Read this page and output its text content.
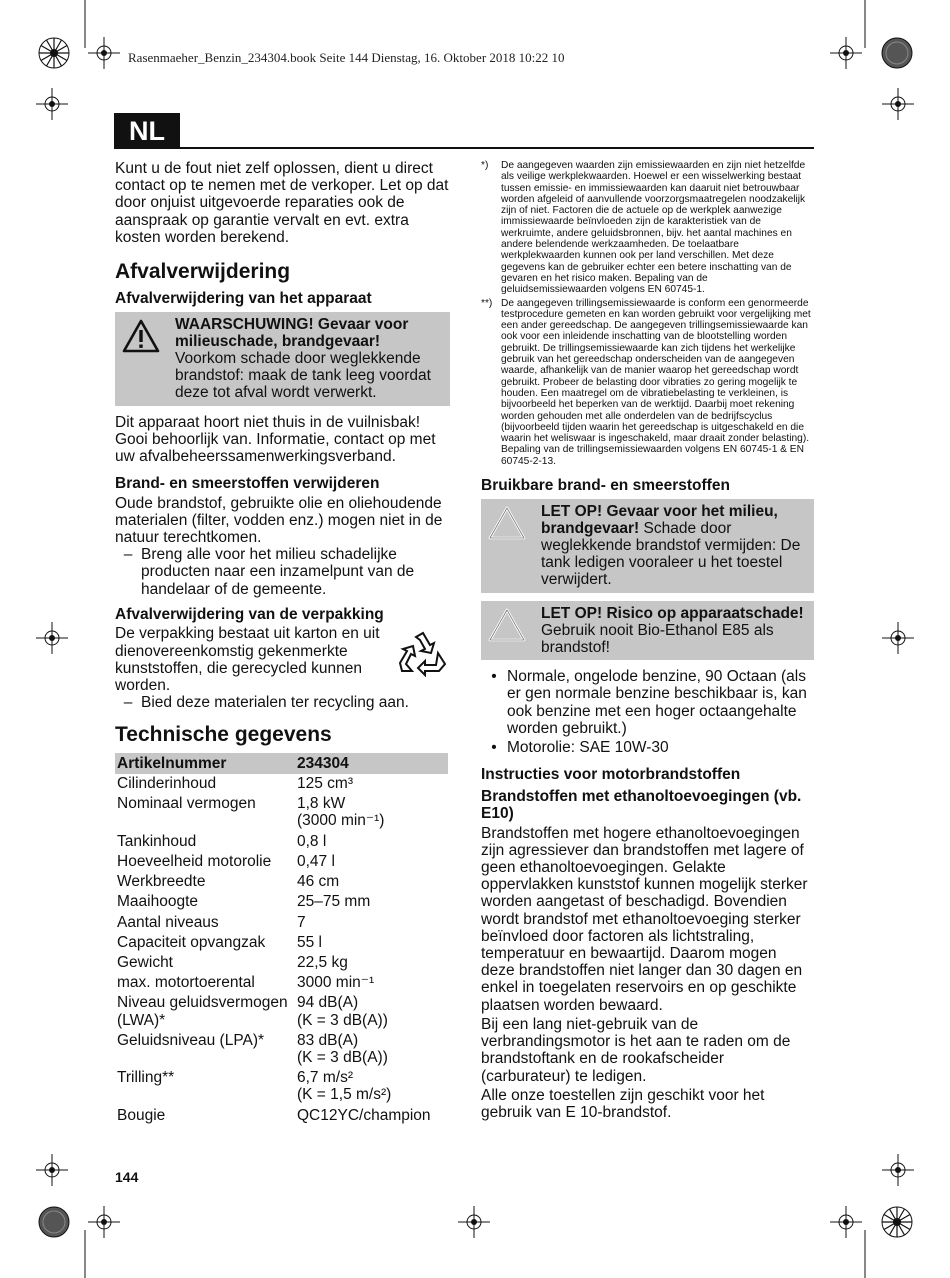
Rasenmaeher_Benzin_234304.book Seite 144 Dienstag, 16. Oktober 2018 10:22 10
NL

Kunt u de fout niet zelf oplossen, dient u direct contact op te nemen met de verkoper. Let op dat door onjuist uitgevoerde reparaties ook de aanspraak op garantie vervalt en evt. extra kosten worden berekend.

Afvalverwijdering
Afvalverwijdering van het apparaat
WAARSCHUWING! Gevaar voor milieuschade, brandgevaar! Voorkom schade door weglekkende brandstof: maak de tank leeg voordat deze tot afval wordt verwerkt.

Dit apparaat hoort niet thuis in de vuilnisbak! Gooi behoorlijk van. Informatie, contact op met uw afvalbeheerssamenwerkingsverband.

Brand- en smeerstoffen verwijderen

Oude brandstof, gebruikte olie en oliehoudende materialen (filter, vodden enz.) mogen niet in de natuur terechtkomen.

– Breng alle voor het milieu schadelijke producten naar een inzamelpunt van de handelaar of de gemeente.
Afvalverwijdering van de verpakking

De verpakking bestaat uit karton en uit dienovereenkomstig gekenmerkte kunststoffen, die gerecycled kunnen worden.

– Bied deze materialen ter recycling aan.
Technische gegevens
Artikelnummer	234304
Cilinderinhoud	125 cm³
Nominaal vermogen	1,8 kW
(3000 min⁻¹)

Tankinhoud	0,8 l
Hoeveelheid motorolie	0,47 l
Werkbreedte	46 cm
Maaihoogte	25–75 mm
Aantal niveaus	7
Capaciteit opvangzak	55 l
Gewicht	22,5 kg
max. motortoerental	3000 min⁻¹
Niveau geluidsvermogen (LWA)*	94 dB(A)
(K = 3 dB(A))

Geluidsniveau (LPA)*	83 dB(A)
(K = 3 dB(A))

Trilling**	6,7 m/s²
(K = 1,5 m/s²)

Bougie	QC12YC/champion
*)	De aangegeven waarden zijn emissiewaarden en zijn niet hetzelfde als veilige werkplekwaarden. Hoewel er een wisselwerking bestaat tussen emissie- en immissiewaarden kan daaruit niet betrouwbaar worden afgeleid of aanvullende voorzorgsmaatregelen noodzakelijk zijn of niet. Factoren die de actuele op de werkplek aanwezige immissiewaarde beïnvloeden zijn de karakteristiek van de werkruimte, andere geluidsbronnen, bijv. het aantal machines en andere belendende werkzaamheden. De toelaatbare werkplekwaarden kunnen ook per land verschillen. Met deze gegevens kan de gebruiker echter een betere inschatting van de gevaren en het risico maken. Bepaling van de geluidsemissiewaarden volgens EN 60745-1.
**) De aangegeven trillingsemissiewaarde is conform een genormeerde testprocedure gemeten en kan worden gebruikt voor vergelijking met een ander gereedschap. De aangegeven trillingsemissiewaarde kan ook voor een inleidende inschatting van de blootstelling worden gebruikt. De trillingsemissiewaarde kan zich tijdens het werkelijke gebruik van het gereedschap onderscheiden van de aangegeven waarde, afhankelijk van de manier waarop het gereedschap wordt gebruikt. Probeer de belasting door vibraties zo gering mogelijk te houden. Een maatregel om de vibratiebelasting te verkleinen, is bijvoorbeeld het beperken van de werktijd. Daarbij moet rekening worden gehouden met alle onderdelen van de bedrijfscyclus (bijvoorbeeld tijden waarin het gereedschap is uitgeschakeld en die waarin het weliswaar is ingeschakeld, maar draait zonder belasting). Bepaling van de trillingsemissiewaarden volgens EN 60745-1 & EN 60745-2-13.
Bruikbare brand- en smeerstoffen
LET OP! Gevaar voor het milieu, brandgevaar! Schade door weglekkende brandstof vermijden: De tank ledigen vooraleer u het toestel verwijdert.
LET OP! Risico op apparaatschade! Gebruik nooit Bio-Ethanol E85 als brandstof!
• Normale, ongelode benzine, 90 Octaan (als er gen normale benzine beschikbaar is, kan ook benzine met een hoger octaangehalte worden gebruikt.)
• Motorolie: SAE 10W-30
Instructies voor motorbrandstoffen
Brandstoffen met ethanoltoevoegingen (vb. E10)

Brandstoffen met hogere ethanoltoevoegingen zijn agressiever dan brandstoffen met lagere of geen ethanoltoevoegingen. Gelakte oppervlakken kunststof kunnen mogelijk sterker worden aangetast of beschadigd. Bovendien wordt brandstof met ethanoltoevoeging sterker beïnvloed door factoren als lichtstraling, temperatuur en bewaartijd. Daarom mogen deze brandstoffen niet langer dan 30 dagen en enkel in toegelaten reservoirs en op geschikte plaatsen worden bewaard.

Bij een lang niet-gebruik van de verbrandingsmotor is het aan te raden om de brandstoftank en de rookafscheider (carburateur) te ledigen.

Alle onze toestellen zijn geschikt voor het gebruik van E 10-brandstof.

144
